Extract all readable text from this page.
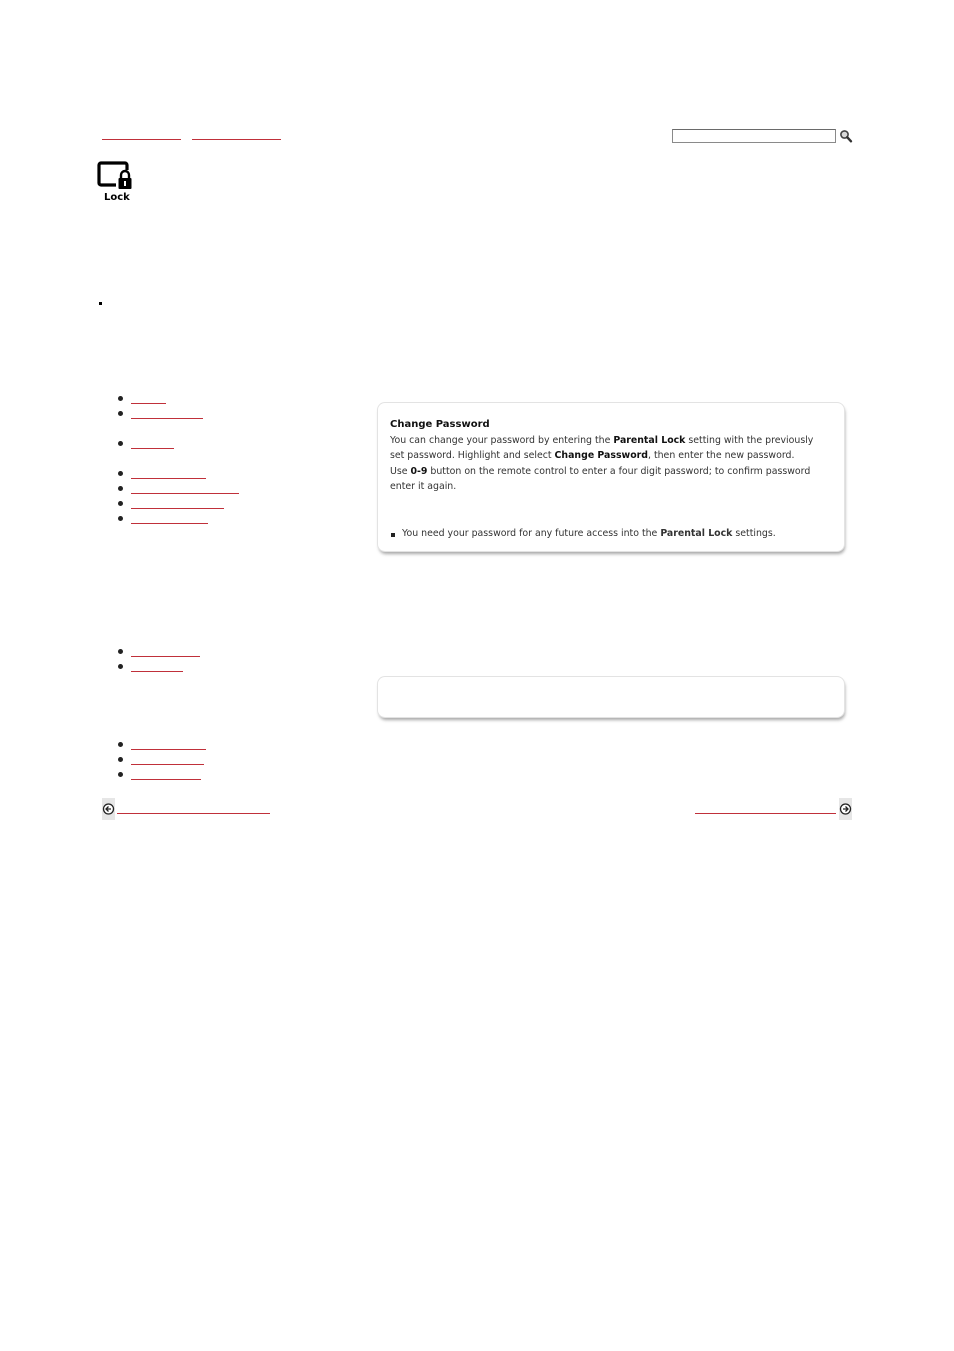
Lock
Change Password
You can change your password by entering the Parental Lock setting with the previously
set password. Highlight and select Change Password, then enter the new password.
Use 0-9 button on the remote control to enter a four digit password; to confirm password
enter it again.
You need your password for any future access into the Parental Lock settings.
